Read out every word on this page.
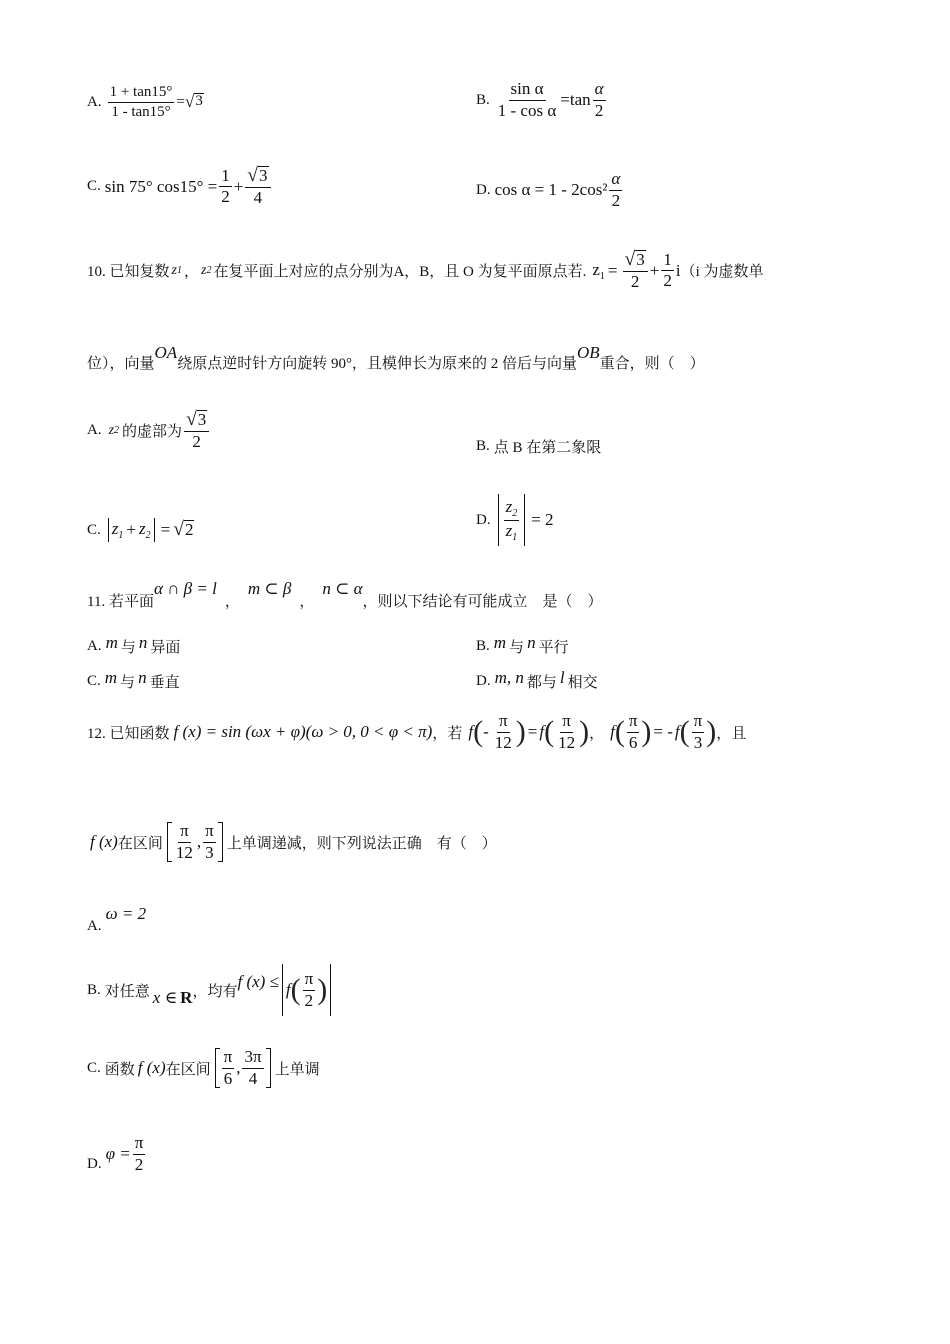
A. $\frac{1 + \tan 15^\circ}{1 - \tan 15^\circ}$ = √ 3	B. $\frac{\text{sin α}}{\text{1 - cos α}} = \tan \frac{\alpha}{2}$
C. sin 75° $\cos 15^\circ = \frac{1}{2} + \frac{√ 3}{4}$	D. $\cos \alpha = 1 - 2\cos^2 \frac{\alpha}{2}$
10. 已知复数 z 1 ， z 2 在复平面上对应的点分别为A，B，且 O 为复平面原点若. $z_1 = \frac{√ 3}{2} + \frac{1}{2}$ i （i 为虚数单
位），向量
OA
绕原点逆时针方向旋转 90°，且模伸长为原来的 2 倍后与向量
OB
重合，则（　）
A. z 2 的虚部为 $\frac{√ 3}{2}$	B. 点 B 在第二象限
C. $z_1 + z_2$ = √ 2
D. $\frac{z_2}{z_1} = 2$
11. 若平面
α ∩ β = l
，
m ⊂ β
，
n ⊂ α
，则以下结论有可能成立　是（　）
A. m 与 n 异面	B. m 与 n 平行
C. m 与 n 垂直	D. m, n 都与 l 相交
12. 已知函数 f (x) = sin (ωx + φ)(ω > 0, 0 < φ < π) ，若 f ( - $\frac{\pi}{12}$ ) = f ( $\frac{\pi}{12}$ ) ， f ( $\frac{\pi}{6}$ ) = - f ( $\frac{\pi}{3}$ ) ，且
f (x) 在区间 $\frac{\pi}{12}$ , $\frac{\pi}{3}$ 上单调递减，则下列说法正确　有（　）
A.
ω = 2
B. 对任意 x ∈ R ，均有
f (x) ≤ f ( $\frac{\pi}{2}$ )
C. 函数 f (x) 在区间 $\frac{\pi}{6}$ , $\frac{3\pi}{4}$ 上单调
D.
$\varphi = \frac{\pi}{2}$
